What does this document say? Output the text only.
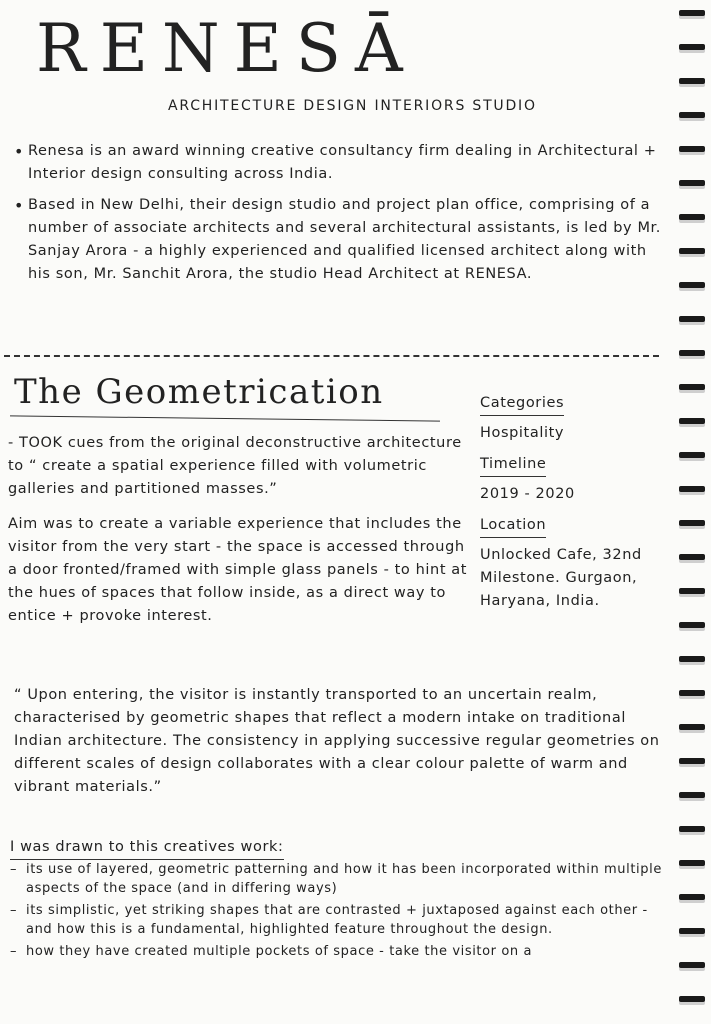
RENESĀ
ARCHITECTURE DESIGN INTERIORS STUDIO
• Renesa is an award winning creative consultancy firm dealing in Architectural + Interior design consulting across India.
• Based in New Delhi, their design studio and project plan office, comprising of a number of associate architects and several architectural assistants, is led by Mr. Sanjay Arora - a highly experienced and qualified licensed architect along with his son, Mr. Sanchit Arora, the studio Head Architect at RENESA.
The Geometrication
- TOOK cues from the original deconstructive architecture to “ create a spatial experience filled with volumetric galleries and partitioned masses.”
Aim was to create a variable experience that includes the visitor from the very start - the space is accessed through a door fronted/framed with simple glass panels - to hint at the hues of spaces that follow inside, as a direct way to entice + provoke interest.
Categories
Hospitality
Timeline
2019 - 2020
Location
Unlocked Cafe, 32nd Milestone. Gurgaon, Haryana, India.
“ Upon entering, the visitor is instantly transported to an uncertain realm, characterised by geometric shapes that reflect a modern intake on traditional Indian architecture. The consistency in applying successive regular geometries on different scales of design collaborates with a clear colour palette of warm and vibrant materials.”
I was drawn to this creatives work:
– its use of layered, geometric patterning and how it has been incorporated within multiple aspects of the space (and in differing ways)
– its simplistic, yet striking shapes that are contrasted + juxtaposed against each other - and how this is a fundamental, highlighted feature throughout the design.
– how they have created multiple pockets of space - take the visitor on a
